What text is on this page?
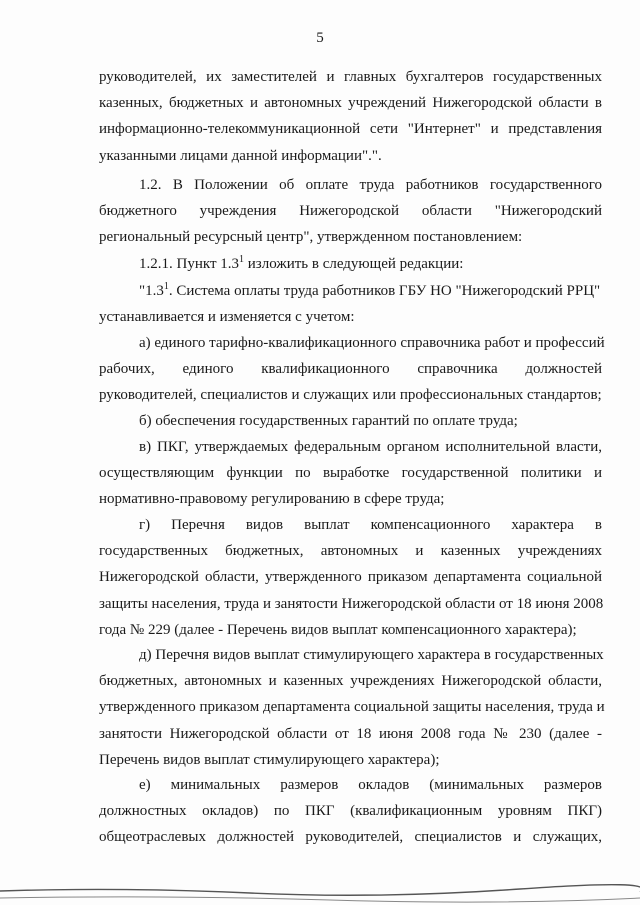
5
руководителей, их заместителей и главных бухгалтеров государственных
казенных, бюджетных и автономных учреждений Нижегородской области в
информационно-телекоммуникационной сети "Интернет" и представления
указанными лицами данной информации".".
1.2. В Положении об оплате труда работников государственного
бюджетного учреждения Нижегородской области "Нижегородский
региональный ресурсный центр", утвержденном постановлением:
1.2.1. Пункт $1.3^1$ изложить в следующей редакции:
"$1.3^1$. Система оплаты труда работников ГБУ НО "Нижегородский РРЦ"
устанавливается и изменяется с учетом:
а) единого тарифно-квалификационного справочника работ и профессий
рабочих, единого квалификационного справочника должностей
руководителей, специалистов и служащих или профессиональных стандартов;
б) обеспечения государственных гарантий по оплате труда;
в) ПКГ, утверждаемых федеральным органом исполнительной власти,
осуществляющим функции по выработке государственной политики и
нормативно-правовому регулированию в сфере труда;
г) Перечня видов выплат компенсационного характера в
государственных бюджетных, автономных и казенных учреждениях
Нижегородской области, утвержденного приказом департамента социальной
защиты населения, труда и занятости Нижегородской области от 18 июня 2008
года № 229 (далее - Перечень видов выплат компенсационного характера);
д) Перечня видов выплат стимулирующего характера в государственных
бюджетных, автономных и казенных учреждениях Нижегородской области,
утвержденного приказом департамента социальной защиты населения, труда и
занятости Нижегородской области от 18 июня 2008 года № 230 (далее -
Перечень видов выплат стимулирующего характера);
е) минимальных размеров окладов (минимальных размеров
должностных окладов) по ПКГ (квалификационным уровням ПКГ)
общеотраслевых должностей руководителей, специалистов и служащих,
